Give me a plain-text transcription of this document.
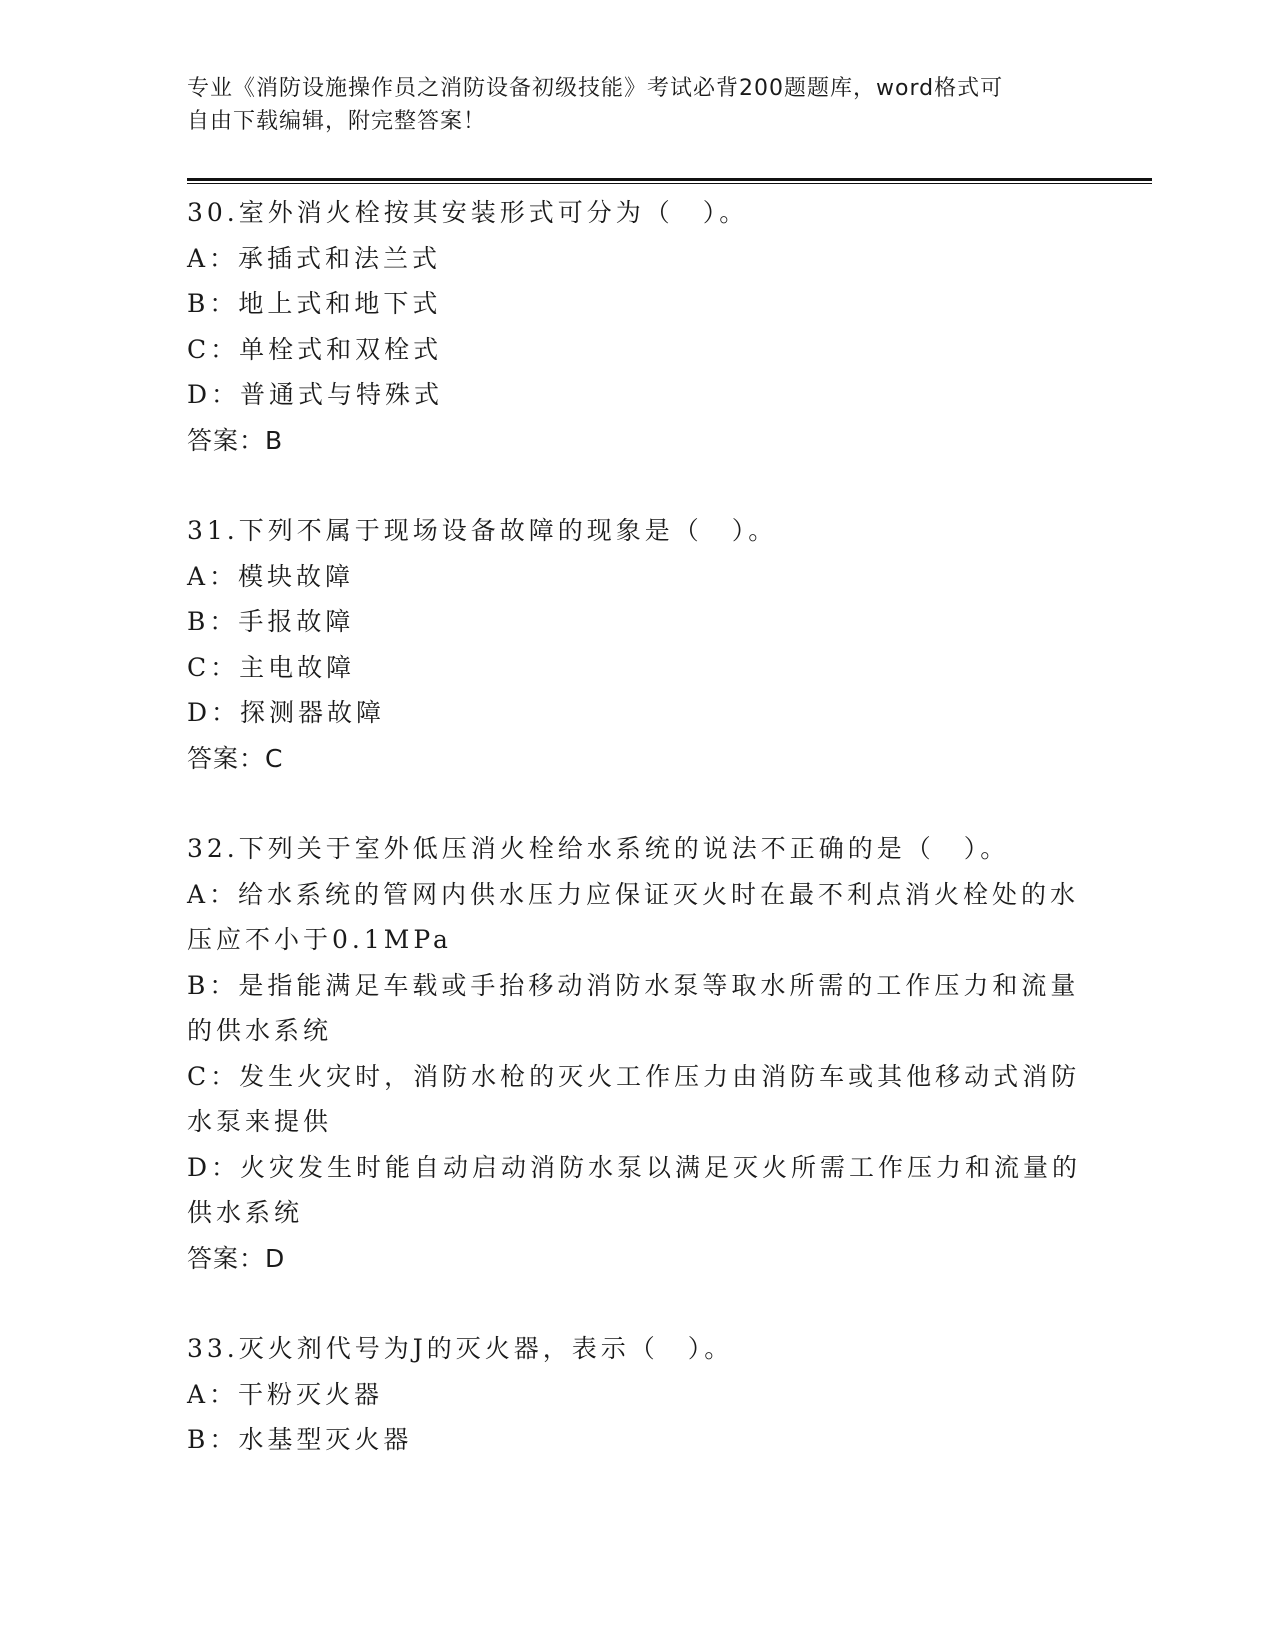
专业《消防设施操作员之消防设备初级技能》考试必背200题题库，word格式可
自由下载编辑，附完整答案！
30.室外消火栓按其安装形式可分为（　）。
A：承插式和法兰式
B：地上式和地下式
C：单栓式和双栓式
D：普通式与特殊式
答案：B
31.下列不属于现场设备故障的现象是（　）。
A：模块故障
B：手报故障
C：主电故障
D：探测器故障
答案：C
32.下列关于室外低压消火栓给水系统的说法不正确的是（　）。
A：给水系统的管网内供水压力应保证灭火时在最不利点消火栓处的水
压应不小于0.1MPa
B：是指能满足车载或手抬移动消防水泵等取水所需的工作压力和流量
的供水系统
C：发生火灾时，消防水枪的灭火工作压力由消防车或其他移动式消防
水泵来提供
D：火灾发生时能自动启动消防水泵以满足灭火所需工作压力和流量的
供水系统
答案：D
33.灭火剂代号为J的灭火器，表示（　）。
A：干粉灭火器
B：水基型灭火器
